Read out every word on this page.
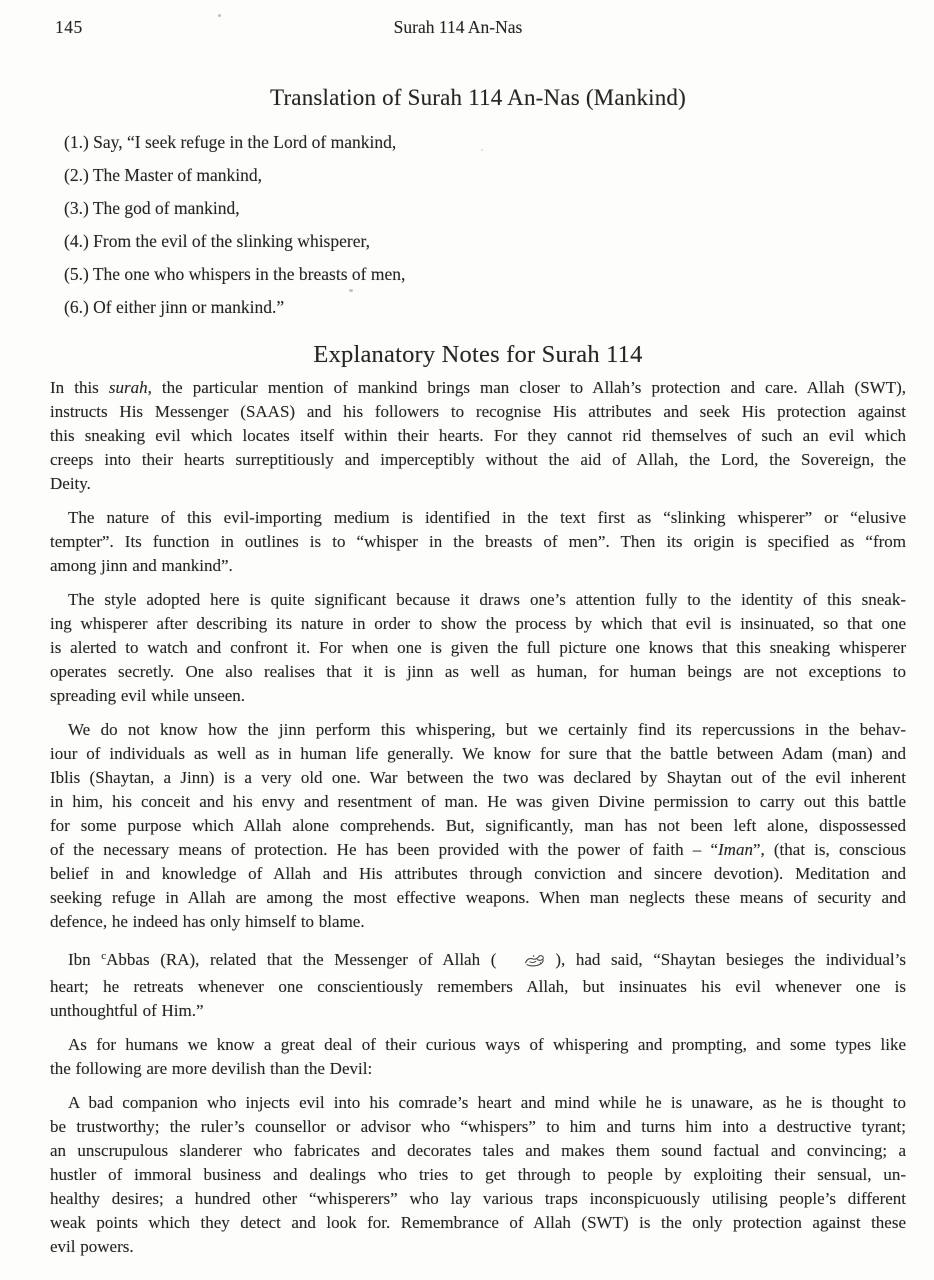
145	Surah 114 An-Nas
Translation of Surah 114 An-Nas (Mankind)
(1.) Say, “I seek refuge in the Lord of mankind,
(2.) The Master of mankind,
(3.) The god of mankind,
(4.) From the evil of the slinking whisperer,
(5.) The one who whispers in the breasts of men,
(6.) Of either jinn or mankind.”
Explanatory Notes for Surah 114
In this surah, the particular mention of mankind brings man closer to Allah’s protection and care. Allah (SWT),
instructs His Messenger (SAAS) and his followers to recognise His attributes and seek His protection against
this sneaking evil which locates itself within their hearts. For they cannot rid themselves of such an evil which
creeps into their hearts surreptitiously and imperceptibly without the aid of Allah, the Lord, the Sovereign, the
Deity.
The nature of this evil-importing medium is identified in the text first as “slinking whisperer” or “elusive
tempter”. Its function in outlines is to “whisper in the breasts of men”. Then its origin is specified as “from
among jinn and mankind”.
The style adopted here is quite significant because it draws one’s attention fully to the identity of this sneak-
ing whisperer after describing its nature in order to show the process by which that evil is insinuated, so that one
is alerted to watch and confront it. For when one is given the full picture one knows that this sneaking whisperer
operates secretly. One also realises that it is jinn as well as human, for human beings are not exceptions to
spreading evil while unseen.
We do not know how the jinn perform this whispering, but we certainly find its repercussions in the behav-
iour of individuals as well as in human life generally. We know for sure that the battle between Adam (man) and
Iblis (Shaytan, a Jinn) is a very old one. War between the two was declared by Shaytan out of the evil inherent
in him, his conceit and his envy and resentment of man. He was given Divine permission to carry out this battle
for some purpose which Allah alone comprehends. But, significantly, man has not been left alone, dispossessed
of the necessary means of protection. He has been provided with the power of faith – “Iman”, (that is, conscious
belief in and knowledge of Allah and His attributes through conviction and sincere devotion). Meditation and
seeking refuge in Allah are among the most effective weapons. When man neglects these means of security and
defence, he indeed has only himself to blame.
Ibn $^c$Abbas (RA), related that the Messenger of Allah (	), had said, “Shaytan besieges the individual’s
heart; he retreats whenever one conscientiously remembers Allah, but insinuates his evil whenever one is
unthoughtful of Him.”
As for humans we know a great deal of their curious ways of whispering and prompting, and some types like
the following are more devilish than the Devil:
A bad companion who injects evil into his comrade’s heart and mind while he is unaware, as he is thought to
be trustworthy; the ruler’s counsellor or advisor who “whispers” to him and turns him into a destructive tyrant;
an unscrupulous slanderer who fabricates and decorates tales and makes them sound factual and convincing; a
hustler of immoral business and dealings who tries to get through to people by exploiting their sensual, un-
healthy desires; a hundred other “whisperers” who lay various traps inconspicuously utilising people’s different
weak points which they detect and look for. Remembrance of Allah (SWT) is the only protection against these
evil powers.
